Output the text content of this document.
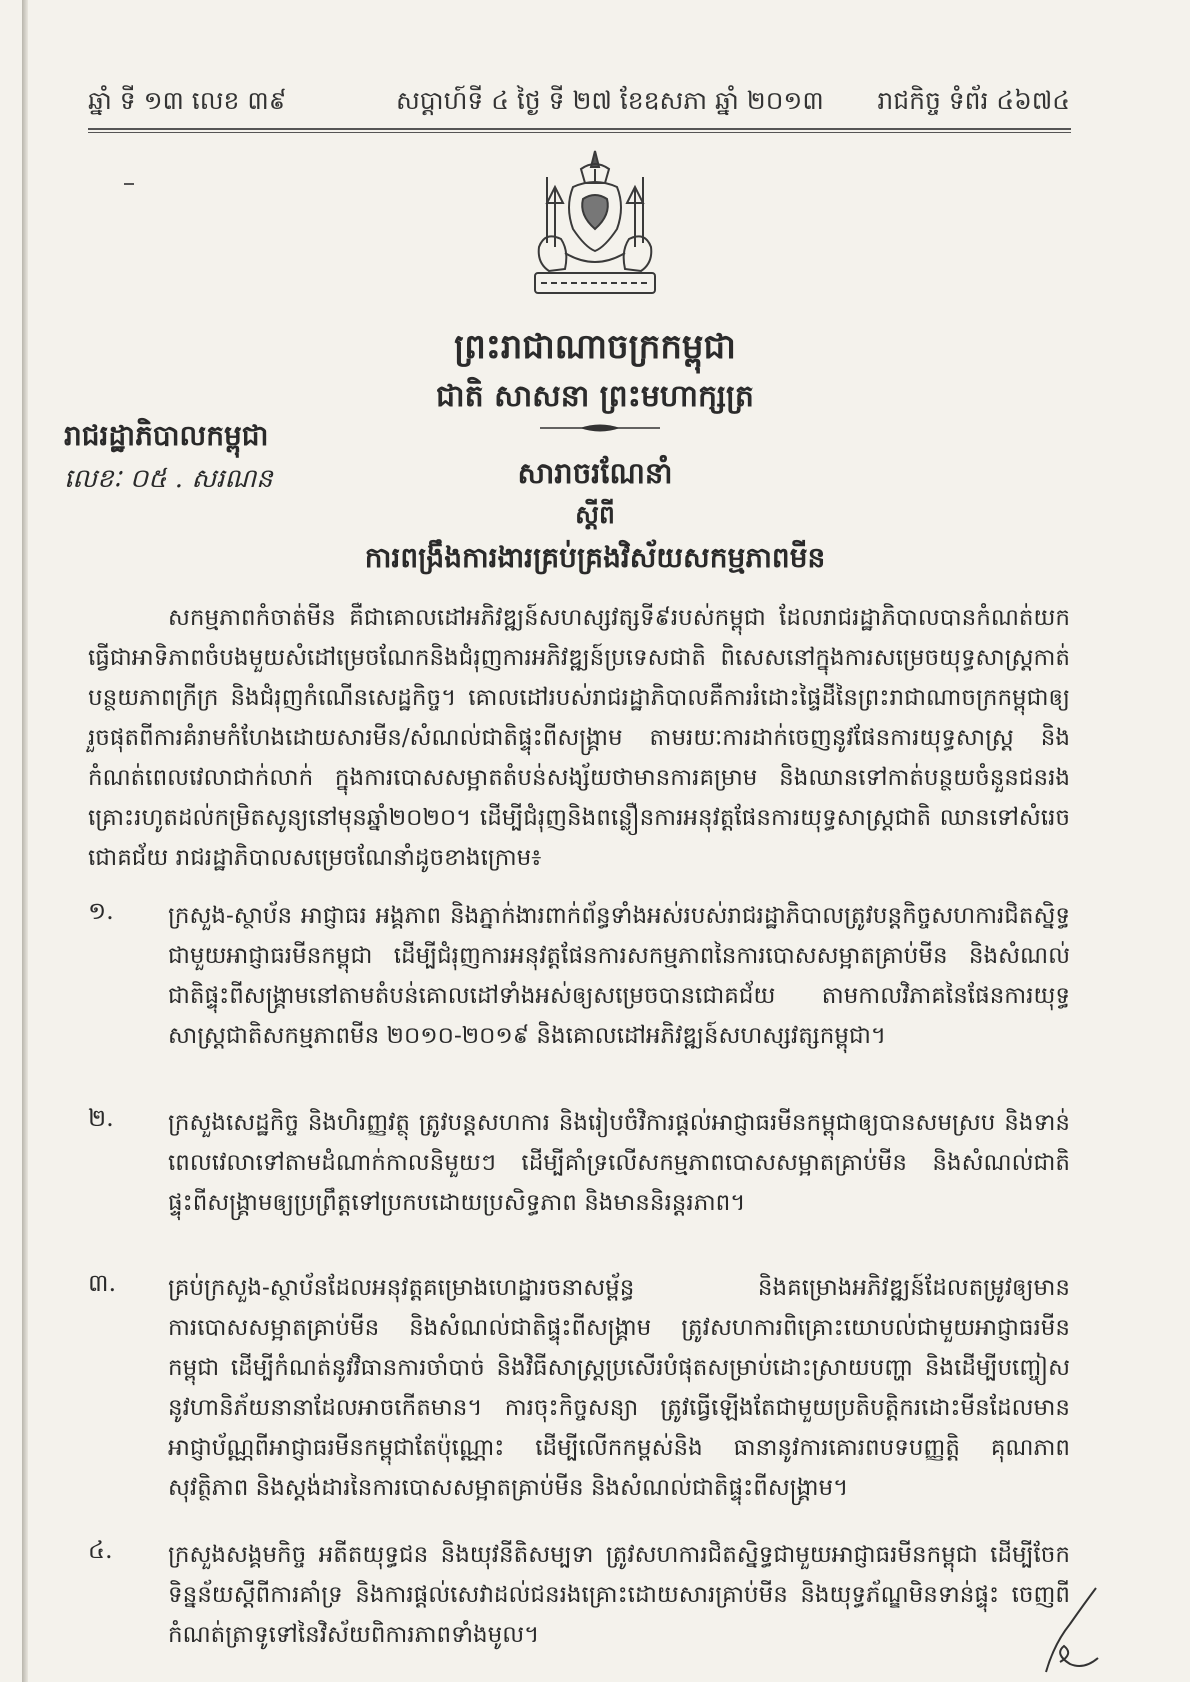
ឆ្នាំ ទី ១៣ លេខ ៣៩	សប្តាហ៍ទី ៤ ថ្ងៃ ទី ២៧ ខែឧសភា ឆ្នាំ ២០១៣ រាជកិច្ច ទំព័រ ៤៦៧៤
ព្រះរាជាណាចក្រកម្ពុជា
ជាតិ សាសនា ព្រះមហាក្សត្រ
រាជរដ្ឋាភិបាលកម្ពុជា
លេខៈ ០៥ . សរណន	សារាចរណែនាំ
ស្តីពី
ការពង្រឹងការងារគ្រប់គ្រងវិស័យសកម្មភាពមីន

សកម្មភាពកំចាត់មីន គឺជាគោលដៅអភិវឌ្ឍន៍សហស្សវត្សទី៩របស់កម្ពុជា ដែលរាជរដ្ឋាភិបាលបានកំណត់យកធ្វើជាអាទិភាពចំបងមួយសំដៅម្រេចណែកនិងជំរុញការអភិវឌ្ឍន៍ប្រទេសជាតិ ពិសេសនៅក្នុងការសម្រេចយុទ្ធសាស្ត្រកាត់បន្ថយភាពក្រីក្រ និងជំរុញកំណើនសេដ្ឋកិច្ច។ គោលដៅរបស់រាជរដ្ឋាភិបាលគឺការរំដោះផ្ទៃដីនៃព្រះរាជាណាចក្រកម្ពុជាឲ្យរួចផុតពីការគំរាមកំហែងដោយសារមីន/សំណល់ជាតិផ្ទុះពីសង្គ្រាម តាមរយៈការដាក់ចេញនូវផែនការយុទ្ធសាស្ត្រ និងកំណត់ពេលវេលាជាក់លាក់ ក្នុងការបោសសម្អាតតំបន់សង្ស័យថាមានការគម្រាម និងឈានទៅកាត់បន្ថយចំនួនជនរងគ្រោះរហូតដល់កម្រិតសូន្យនៅមុនឆ្នាំ២០២០។ ដើម្បីជំរុញនិងពន្លឿនការអនុវត្តផែនការយុទ្ធសាស្ត្រជាតិ ឈានទៅសំរេចជោគជ័យ រាជរដ្ឋាភិបាលសម្រេចណែនាំដូចខាងក្រោម៖

១. ក្រសួង-ស្ថាប័ន អាជ្ញាធរ អង្គភាព និងភ្នាក់ងារពាក់ព័ន្ធទាំងអស់របស់រាជរដ្ឋាភិបាលត្រូវបន្តកិច្ចសហការជិតស្និទ្ធជាមួយអាជ្ញាធរមីនកម្ពុជា ដើម្បីជំរុញការអនុវត្តផែនការសកម្មភាពនៃការបោសសម្អាតគ្រាប់មីន និងសំណល់ជាតិផ្ទុះពីសង្គ្រាមនៅតាមតំបន់គោលដៅទាំងអស់ឲ្យសម្រេចបានជោគជ័យ តាមកាលវិភាគនៃផែនការយុទ្ធសាស្ត្រជាតិសកម្មភាពមីន ២០១០-២០១៩ និងគោលដៅអភិវឌ្ឍន៍សហស្សវត្សកម្ពុជា។

២. ក្រសួងសេដ្ឋកិច្ច និងហិរញ្ញវត្ថុ ត្រូវបន្តសហការ និងរៀបចំវិការផ្តល់អាជ្ញាធរមីនកម្ពុជាឲ្យបានសមស្រប និងទាន់ពេលវេលាទៅតាមដំណាក់កាលនិមួយៗ ដើម្បីគាំទ្រលើសកម្មភាពបោសសម្អាតគ្រាប់មីន និងសំណល់ជាតិផ្ទុះពីសង្គ្រាមឲ្យប្រព្រឹត្តទៅប្រកបដោយប្រសិទ្ធភាព និងមាននិរន្តរភាព។

៣. គ្រប់ក្រសួង-ស្ថាប័នដែលអនុវត្តគម្រោងហេដ្ឋារចនាសម្ព័ន្ធ និងគម្រោងអភិវឌ្ឍន៍ដែលតម្រូវឲ្យមានការបោសសម្អាតគ្រាប់មីន និងសំណល់ជាតិផ្ទុះពីសង្គ្រាម ត្រូវសហការពិគ្រោះយោបល់ជាមួយអាជ្ញាធរមីនកម្ពុជា ដើម្បីកំណត់នូវវិធានការចាំបាច់ និងវិធីសាស្ត្រប្រសើរបំផុតសម្រាប់ដោះស្រាយបញ្ហា និងដើម្បីបញ្ចៀសនូវហានិភ័យនានាដែលអាចកើតមាន។ ការចុះកិច្ចសន្យា ត្រូវធ្វើឡើងតែជាមួយប្រតិបត្តិករដោះមីនដែលមានអាជ្ញាប័ណ្ណពីអាជ្ញាធរមីនកម្ពុជាតែប៉ុណ្ណោះ ដើម្បីលើកកម្ពស់និង ធានានូវការគោរពបទបញ្ញត្តិ គុណភាព សុវត្ថិភាព និងស្តង់ដារនៃការបោសសម្អាតគ្រាប់មីន និងសំណល់ជាតិផ្ទុះពីសង្គ្រាម។

៤. ក្រសួងសង្គមកិច្ច អតីតយុទ្ធជន និងយុវនីតិសម្បទា ត្រូវសហការជិតស្និទ្ធជាមួយអាជ្ញាធរមីនកម្ពុជា ដើម្បីចែកទិន្នន័យស្តីពីការគាំទ្រ និងការផ្តល់សេវាដល់ជនរងគ្រោះដោយសារគ្រាប់មីន និងយុទ្ធភ័ណ្ឌមិនទាន់ផ្ទុះ ចេញពីកំណត់ត្រាទូទៅនៃវិស័យពិការភាពទាំងមូល។
